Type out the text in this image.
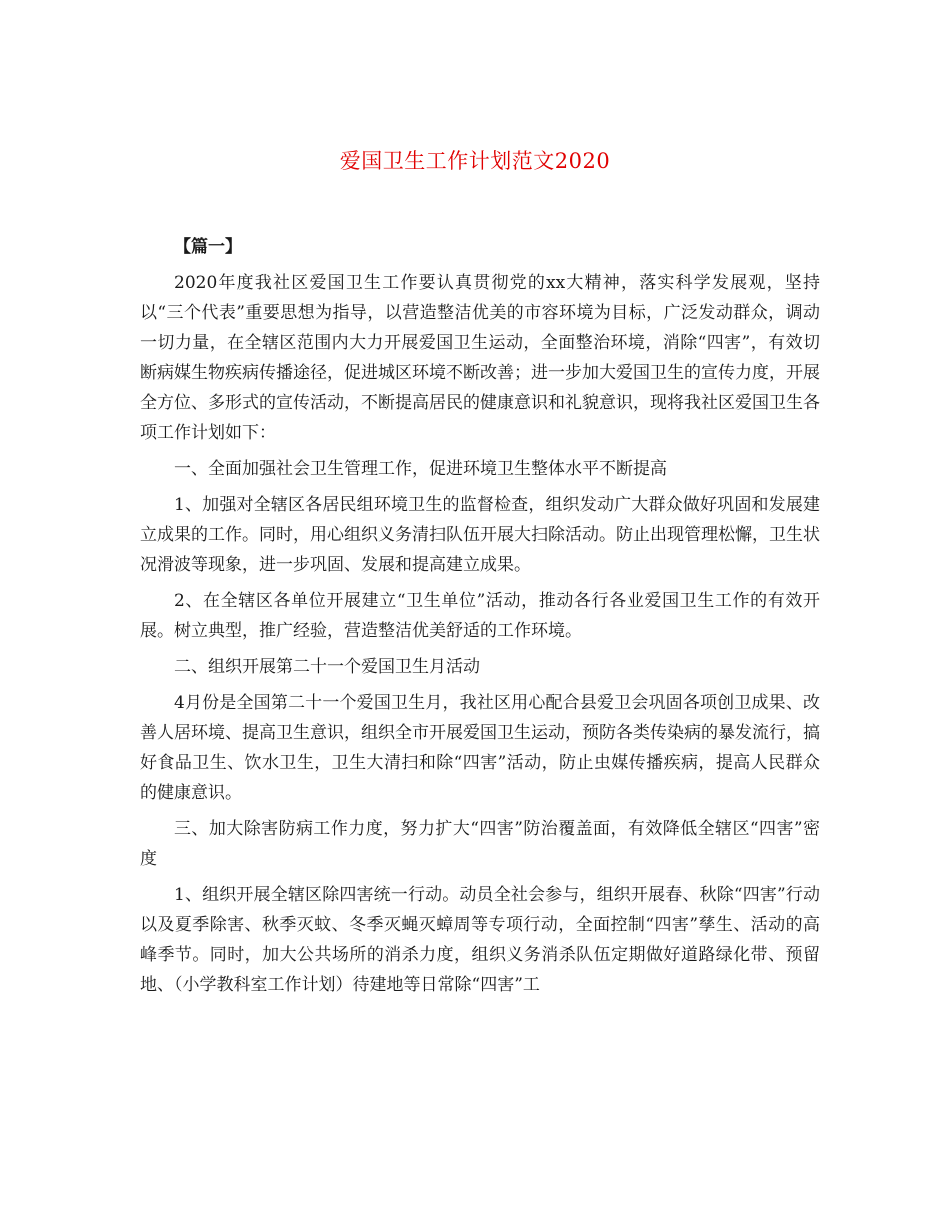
爱国卫生工作计划范文2020

【篇一】

2020年度我社区爱国卫生工作要认真贯彻党的xx大精神，落实科学发展观，坚持以“三个代表”重要思想为指导，以营造整洁优美的市容环境为目标，广泛发动群众，调动一切力量，在全辖区范围内大力开展爱国卫生运动，全面整治环境，消除“四害”，有效切断病媒生物疾病传播途径，促进城区环境不断改善；进一步加大爱国卫生的宣传力度，开展全方位、多形式的宣传活动，不断提高居民的健康意识和礼貌意识，现将我社区爱国卫生各项工作计划如下：

一、全面加强社会卫生管理工作，促进环境卫生整体水平不断提高

1、加强对全辖区各居民组环境卫生的监督检查，组织发动广大群众做好巩固和发展建立成果的工作。同时，用心组织义务清扫队伍开展大扫除活动。防止出现管理松懈，卫生状况滑波等现象，进一步巩固、发展和提高建立成果。

2、在全辖区各单位开展建立“卫生单位”活动，推动各行各业爱国卫生工作的有效开展。树立典型，推广经验，营造整洁优美舒适的工作环境。

二、组织开展第二十一个爱国卫生月活动

4月份是全国第二十一个爱国卫生月，我社区用心配合县爱卫会巩固各项创卫成果、改善人居环境、提高卫生意识，组织全市开展爱国卫生运动，预防各类传染病的暴发流行，搞好食品卫生、饮水卫生，卫生大清扫和除“四害”活动，防止虫媒传播疾病，提高人民群众的健康意识。

三、加大除害防病工作力度，努力扩大“四害”防治覆盖面，有效降低全辖区“四害”密度

1、组织开展全辖区除四害统一行动。动员全社会参与，组织开展春、秋除“四害”行动以及夏季除害、秋季灭蚊、冬季灭蝇灭蟑周等专项行动，全面控制“四害”孳生、活动的高峰季节。同时，加大公共场所的消杀力度，组织义务消杀队伍定期做好道路绿化带、预留地、（小学教科室工作计划）待建地等日常除“四害”工
